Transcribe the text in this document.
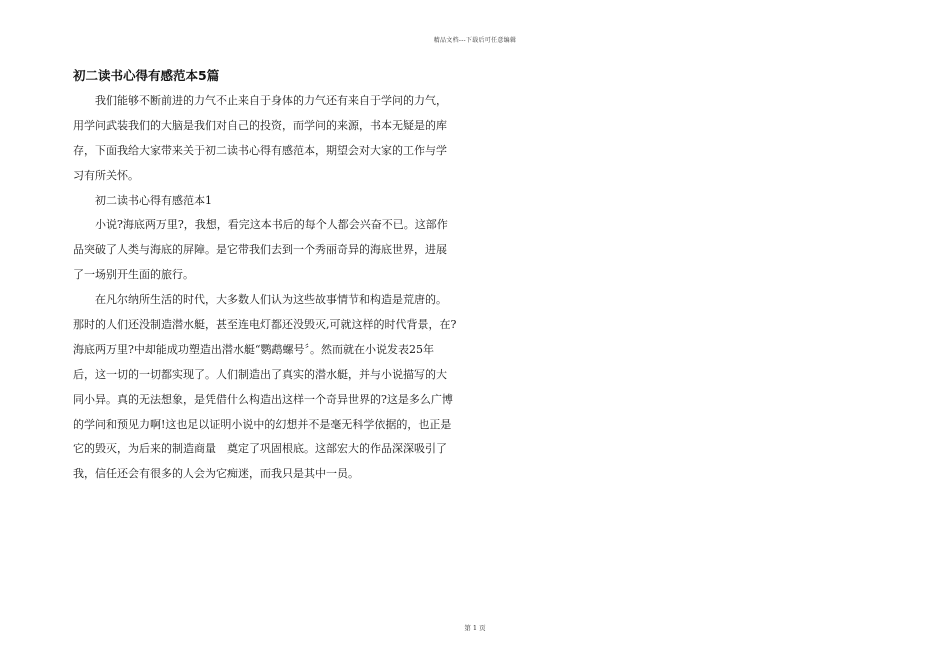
精品文档---下载后可任意编辑
初二读书心得有感范本5篇
我们能够不断前进的力气不止来自于身体的力气还有来自于学问的力气，
用学问武装我们的大脑是我们对自己的投资，而学问的来源，书本无疑是的库
存，下面我给大家带来关于初二读书心得有感范本，期望会对大家的工作与学
习有所关怀。
初二读书心得有感范本1
小说?海底两万里?，我想，看完这本书后的每个人都会兴奋不已。这部作
品突破了人类与海底的屏障。是它带我们去到一个秀丽奇异的海底世界，进展
了一场别开生面的旅行。
在凡尔纳所生活的时代，大多数人们认为这些故事情节和构造是荒唐的。
那时的人们还没制造潜水艇，甚至连电灯都还没毁灭,可就这样的时代背景，在?
海底两万里?中却能成功塑造出潜水艇“鹦鹉螺号〞。然而就在小说发表25年
后，这一切的一切都实现了。人们制造出了真实的潜水艇，并与小说描写的大
同小异。真的无法想象，是凭借什么构造出这样一个奇异世界的?这是多么广博
的学问和预见力啊!这也足以证明小说中的幻想并不是毫无科学依据的，也正是
它的毁灭，为后来的制造商量　奠定了巩固根底。这部宏大的作品深深吸引了
我，信任还会有很多的人会为它痴迷，而我只是其中一员。
第 1 页
